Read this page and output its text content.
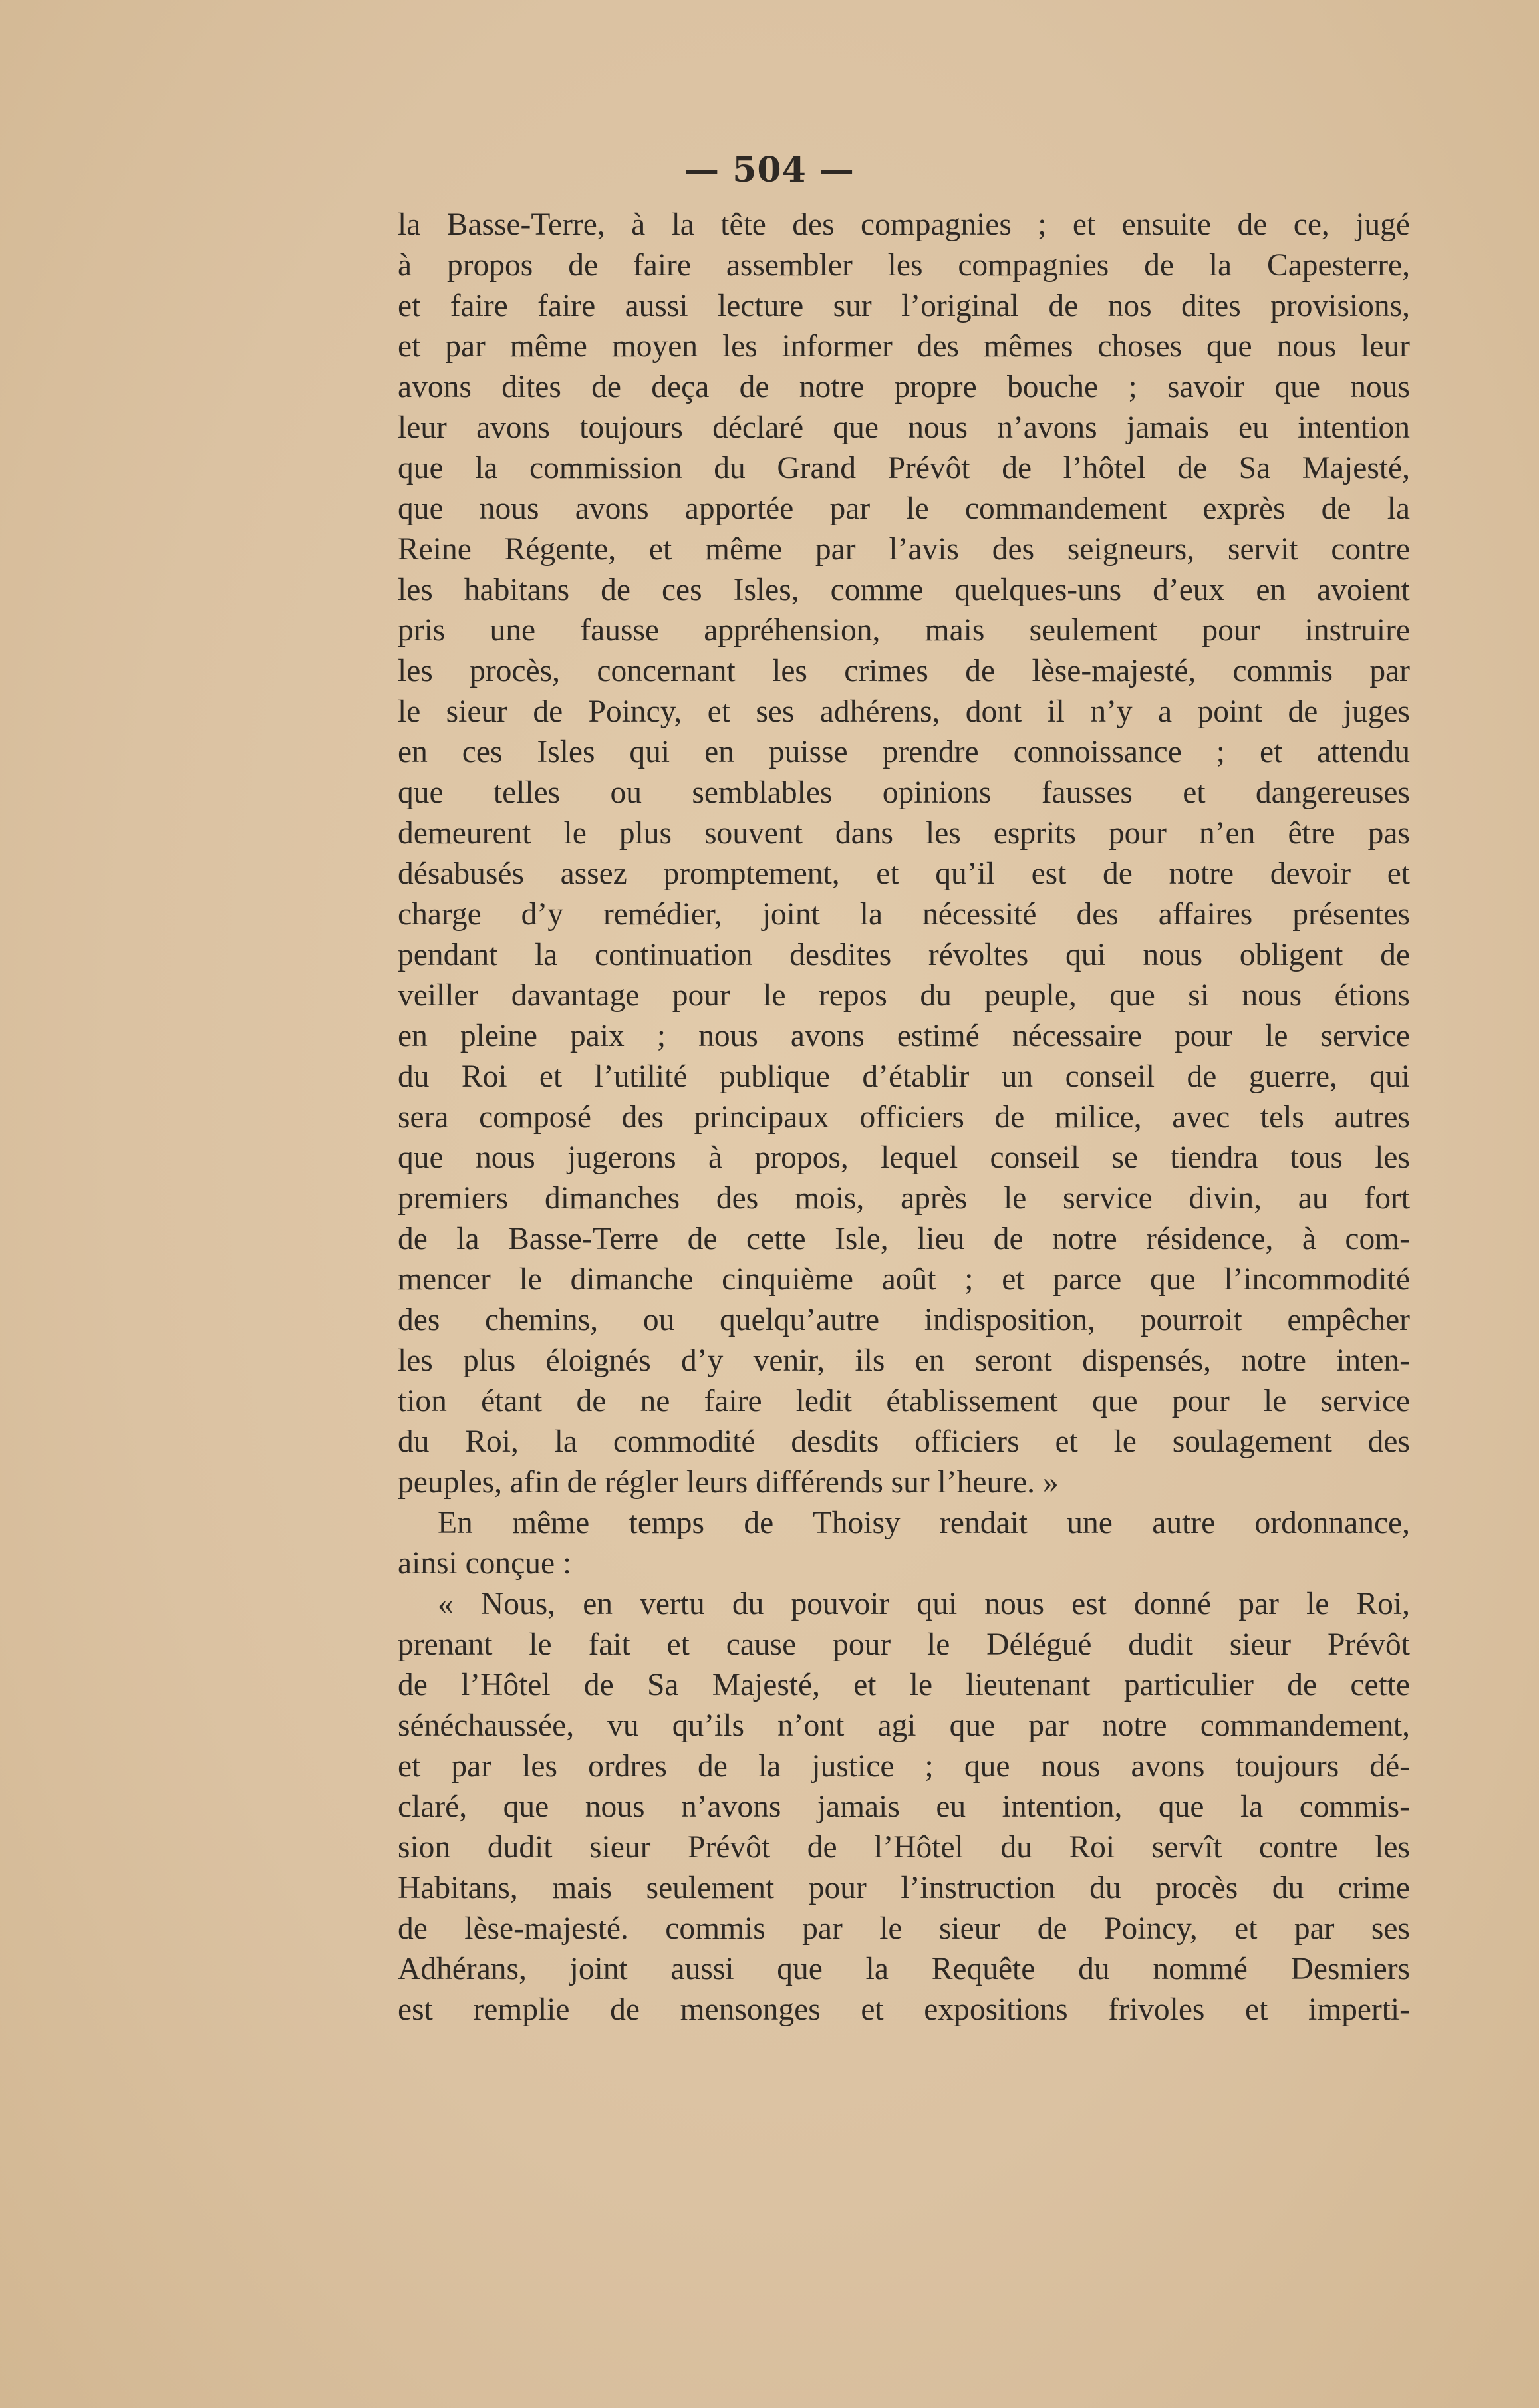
— 504 —
la Basse-Terre, à la tête des compagnies ; et ensuite de ce, jugé
à propos de faire assembler les compagnies de la Capesterre,
et faire faire aussi lecture sur l’original de nos dites provisions,
et par même moyen les informer des mêmes choses que nous leur
avons dites de deça de notre propre bouche ; savoir que nous
leur avons toujours déclaré que nous n’avons jamais eu intention
que la commission du Grand Prévôt de l’hôtel de Sa Majesté,
que nous avons apportée par le commandement exprès de la
Reine Régente, et même par l’avis des seigneurs, servit contre
les habitans de ces Isles, comme quelques-uns d’eux en avoient
pris une fausse appréhension, mais seulement pour instruire
les procès, concernant les crimes de lèse-majesté, commis par
le sieur de Poincy, et ses adhérens, dont il n’y a point de juges
en ces Isles qui en puisse prendre connoissance ; et attendu
que telles ou semblables opinions fausses et dangereuses
demeurent le plus souvent dans les esprits pour n’en être pas
désabusés assez promptement, et qu’il est de notre devoir et
charge d’y remédier, joint la nécessité des affaires présentes
pendant la continuation desdites révoltes qui nous obligent de
veiller davantage pour le repos du peuple, que si nous étions
en pleine paix ; nous avons estimé nécessaire pour le service
du Roi et l’utilité publique d’établir un conseil de guerre, qui
sera composé des principaux officiers de milice, avec tels autres
que nous jugerons à propos, lequel conseil se tiendra tous les
premiers dimanches des mois, après le service divin, au fort
de la Basse-Terre de cette Isle, lieu de notre résidence, à com-
mencer le dimanche cinquième août ; et parce que l’incommodité
des chemins, ou quelqu’autre indisposition, pourroit empêcher
les plus éloignés d’y venir, ils en seront dispensés, notre inten-
tion étant de ne faire ledit établissement que pour le service
du Roi, la commodité desdits officiers et le soulagement des
peuples, afin de régler leurs différends sur l’heure. »
En même temps de Thoisy rendait une autre ordonnance,
ainsi conçue :
« Nous, en vertu du pouvoir qui nous est donné par le Roi,
prenant le fait et cause pour le Délégué dudit sieur Prévôt
de l’Hôtel de Sa Majesté, et le lieutenant particulier de cette
sénéchaussée, vu qu’ils n’ont agi que par notre commandement,
et par les ordres de la justice ; que nous avons toujours dé-
claré, que nous n’avons jamais eu intention, que la commis-
sion dudit sieur Prévôt de l’Hôtel du Roi servît contre les
Habitans, mais seulement pour l’instruction du procès du crime
de lèse-majesté. commis par le sieur de Poincy, et par ses
Adhérans, joint aussi que la Requête du nommé Desmiers
est remplie de mensonges et expositions frivoles et imperti-
